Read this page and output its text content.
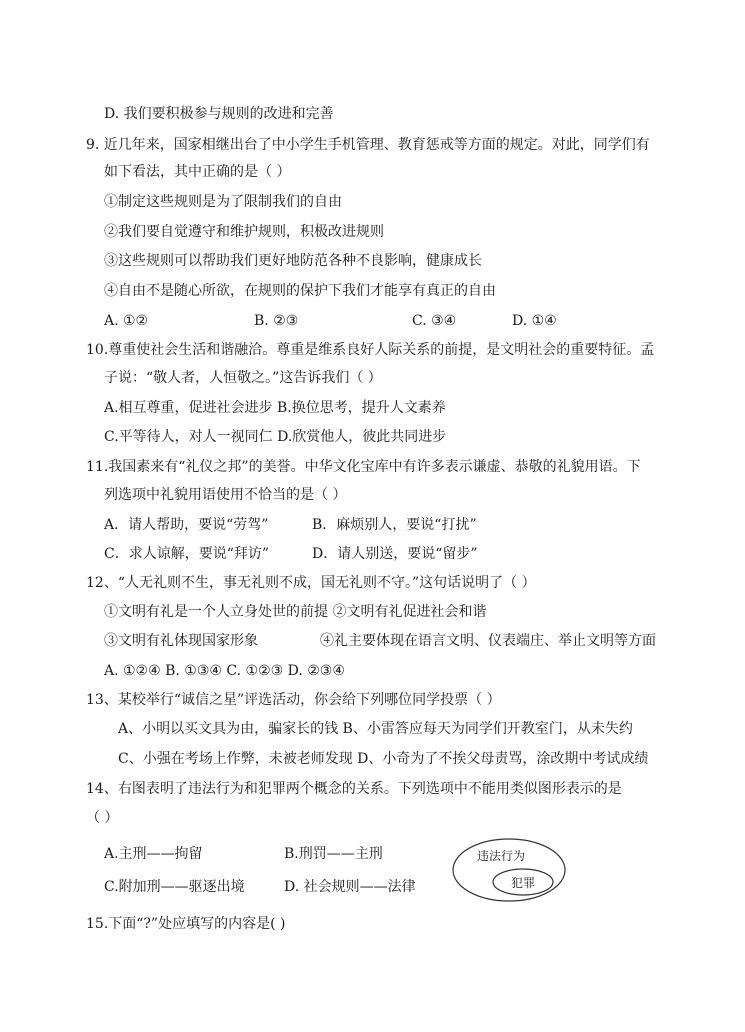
D. 我们要积极参与规则的改进和完善
9. 近几年来，国家相继出台了中小学生手机管理、教育惩戒等方面的规定。对此，同学们有
如下看法，其中正确的是（ ）
①制定这些规则是为了限制我们的自由
②我们要自觉遵守和维护规则，积极改进规则
③这些规则可以帮助我们更好地防范各种不良影响，健康成长
④自由不是随心所欲，在规则的保护下我们才能享有真正的自由
A. ①②	B. ②③	C. ③④	D. ①④
10.尊重使社会生活和谐融洽。尊重是维系良好人际关系的前提，是文明社会的重要特征。孟
子说：“敬人者，人恒敬之。”这告诉我们（ ）
A.相互尊重，促进社会进步 B.换位思考，提升人文素养
C.平等待人，对人一视同仁 D.欣赏他人，彼此共同进步
11.我国素来有“礼仪之邦”的美誉。中华文化宝库中有许多表示谦虚、恭敬的礼貌用语。下
列选项中礼貌用语使用不恰当的是（ ）
A．请人帮助，要说“劳驾”	B．麻烦别人，要说“打扰”
C．求人谅解，要说“拜访”	D．请人别送，要说“留步”
12、“人无礼则不生，事无礼则不成，国无礼则不守。”这句话说明了（ ）
①文明有礼是一个人立身处世的前提 ②文明有礼促进社会和谐
③文明有礼体现国家形象	④礼主要体现在语言文明、仪表端庄、举止文明等方面
A. ①②④ B. ①③④ C. ①②③ D. ②③④
13、某校举行“诚信之星”评选活动，你会给下列哪位同学投票（ ）
A、小明以买文具为由，骗家长的钱 B、小雷答应每天为同学们开教室门，从未失约
C、小强在考场上作弊，未被老师发现 D、小奇为了不挨父母责骂，涂改期中考试成绩
14、右图表明了违法行为和犯罪两个概念的关系。下列选项中不能用类似图形表示的是
（ ）
A.主刑——拘留	B.刑罚——主刑
C.附加刑——驱逐出境	D. 社会规则——法律
15.下面“?”处应填写的内容是( )
违法行为
犯罪
